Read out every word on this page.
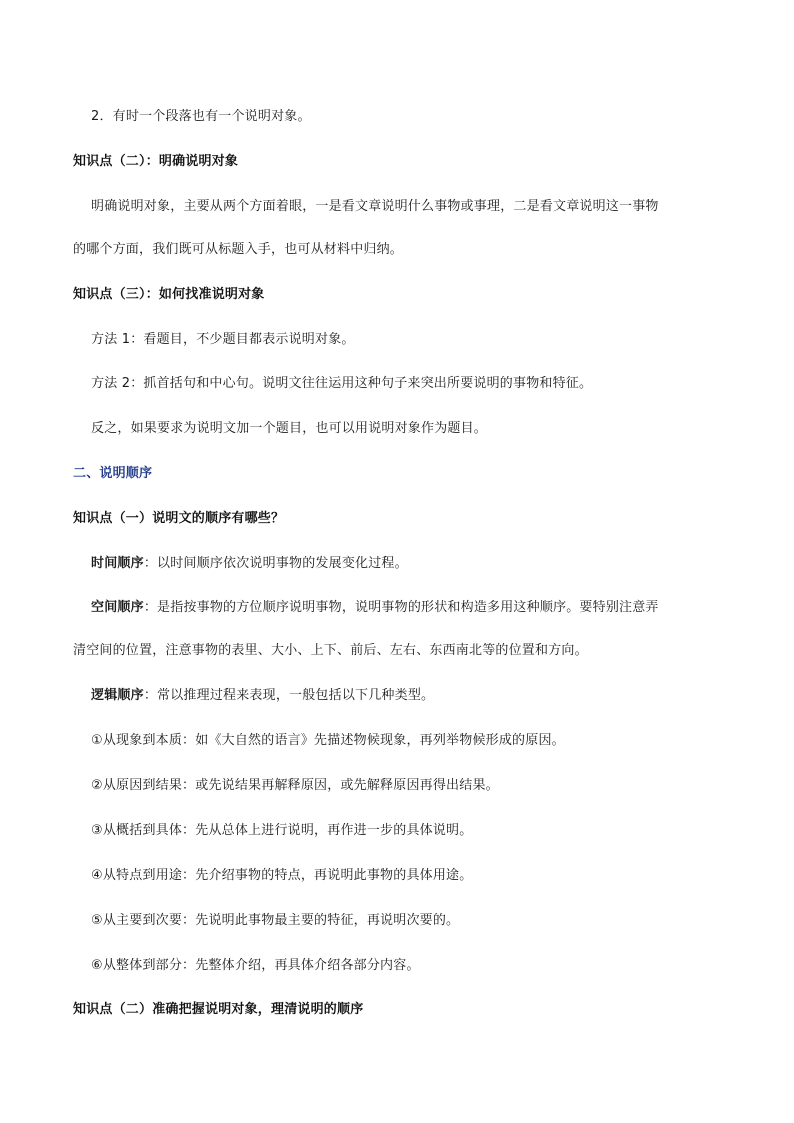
2．有时一个段落也有一个说明对象。
知识点（二）：明确说明对象
明确说明对象，主要从两个方面着眼，一是看文章说明什么事物或事理，二是看文章说明这一事物
的哪个方面，我们既可从标题入手，也可从材料中归纳。
知识点（三）：如何找准说明对象
方法 1：看题目，不少题目都表示说明对象。
方法 2：抓首括句和中心句。说明文往往运用这种句子来突出所要说明的事物和特征。
反之，如果要求为说明文加一个题目，也可以用说明对象作为题目。
二、说明顺序
知识点（一）说明文的顺序有哪些？
时间顺序：以时间顺序依次说明事物的发展变化过程。
空间顺序：是指按事物的方位顺序说明事物，说明事物的形状和构造多用这种顺序。要特别注意弄
清空间的位置，注意事物的表里、大小、上下、前后、左右、东西南北等的位置和方向。
逻辑顺序：常以推理过程来表现，一般包括以下几种类型。
①从现象到本质：如《大自然的语言》先描述物候现象，再列举物候形成的原因。
②从原因到结果：或先说结果再解释原因，或先解释原因再得出结果。
③从概括到具体：先从总体上进行说明，再作进一步的具体说明。
④从特点到用途：先介绍事物的特点，再说明此事物的具体用途。
⑤从主要到次要：先说明此事物最主要的特征，再说明次要的。
⑥从整体到部分：先整体介绍，再具体介绍各部分内容。
知识点（二）准确把握说明对象，理清说明的顺序
